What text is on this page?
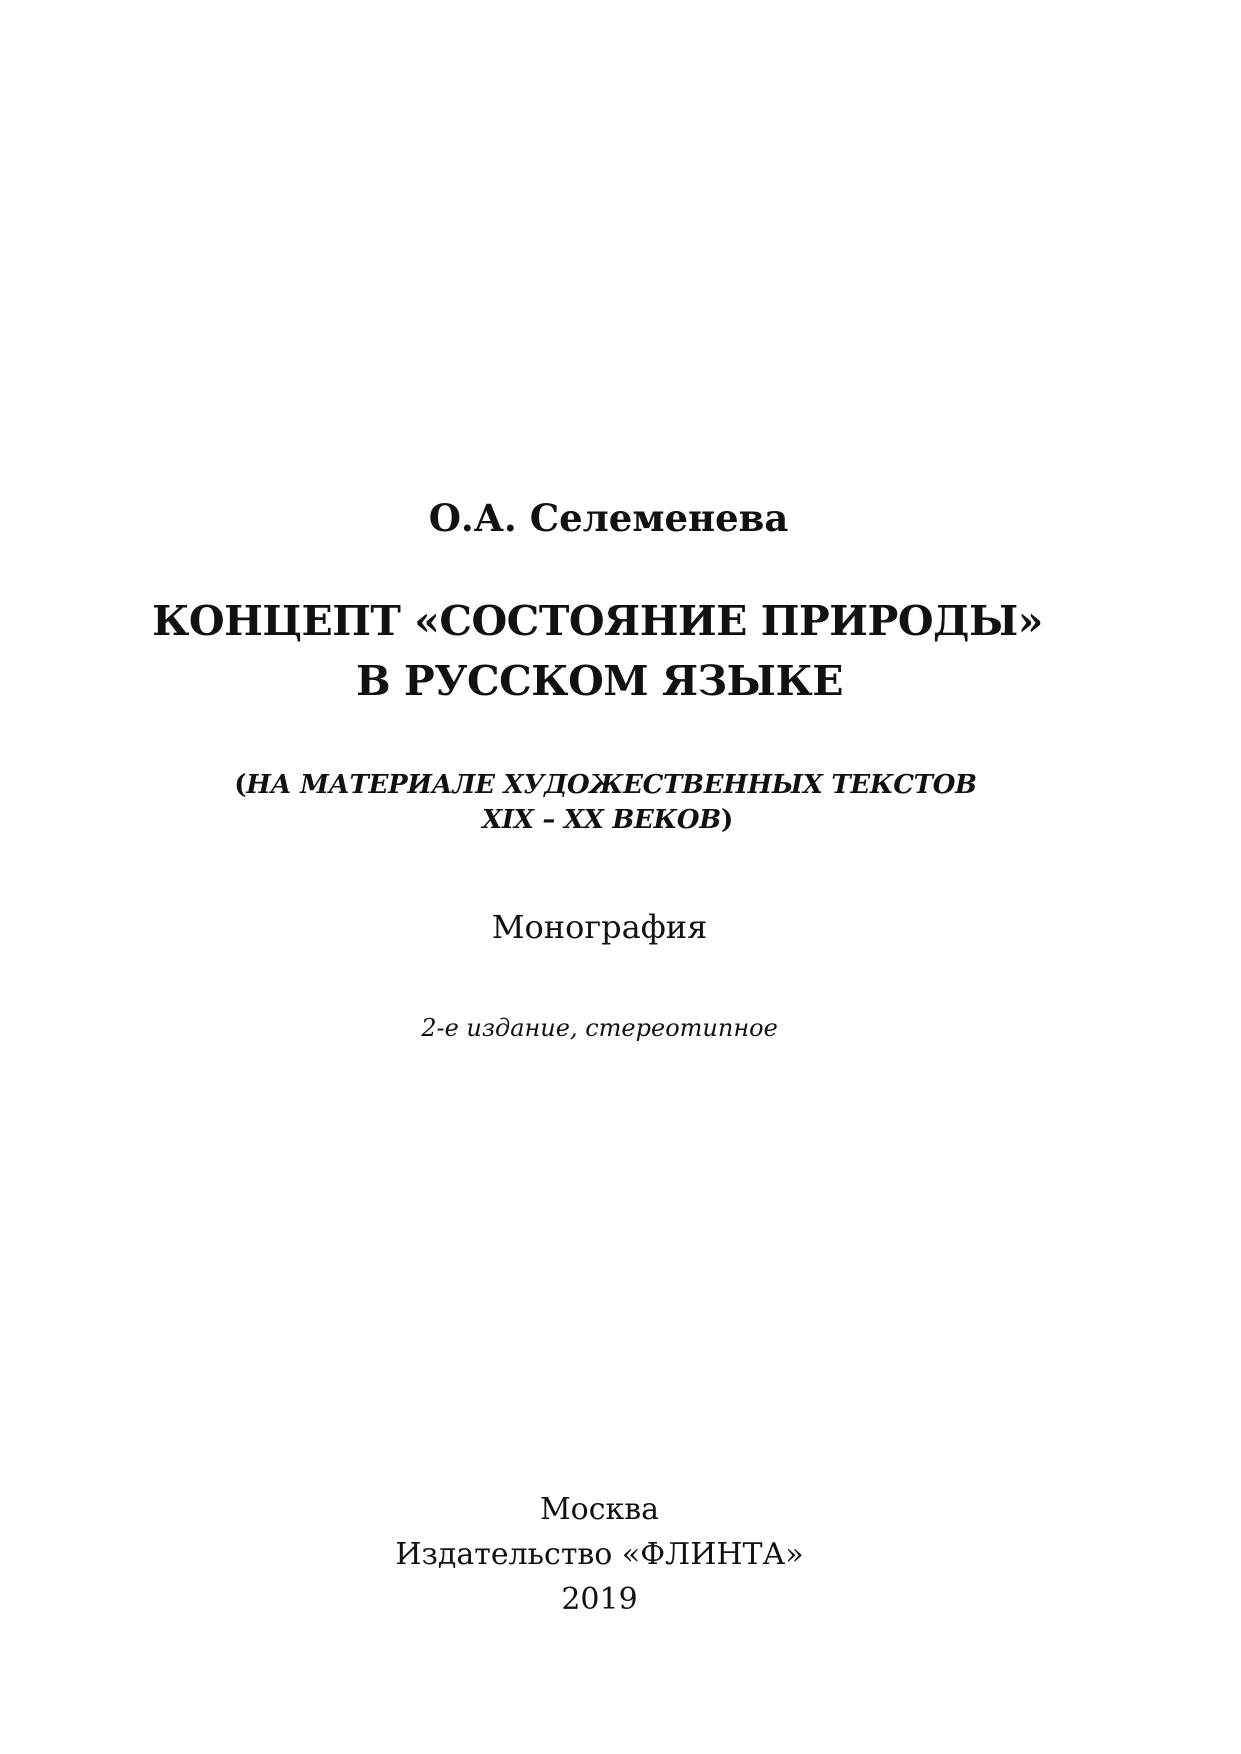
О.А. Селеменева
КОНЦЕПТ «СОСТОЯНИЕ ПРИРОДЫ»
В РУССКОМ ЯЗЫКЕ
(НА МАТЕРИАЛЕ ХУДОЖЕСТВЕННЫХ ТЕКСТОВ
XIX – XX ВЕКОВ)
Монография
2-е издание, стереотипное
Москва
Издательство «ФЛИНТА»
2019
